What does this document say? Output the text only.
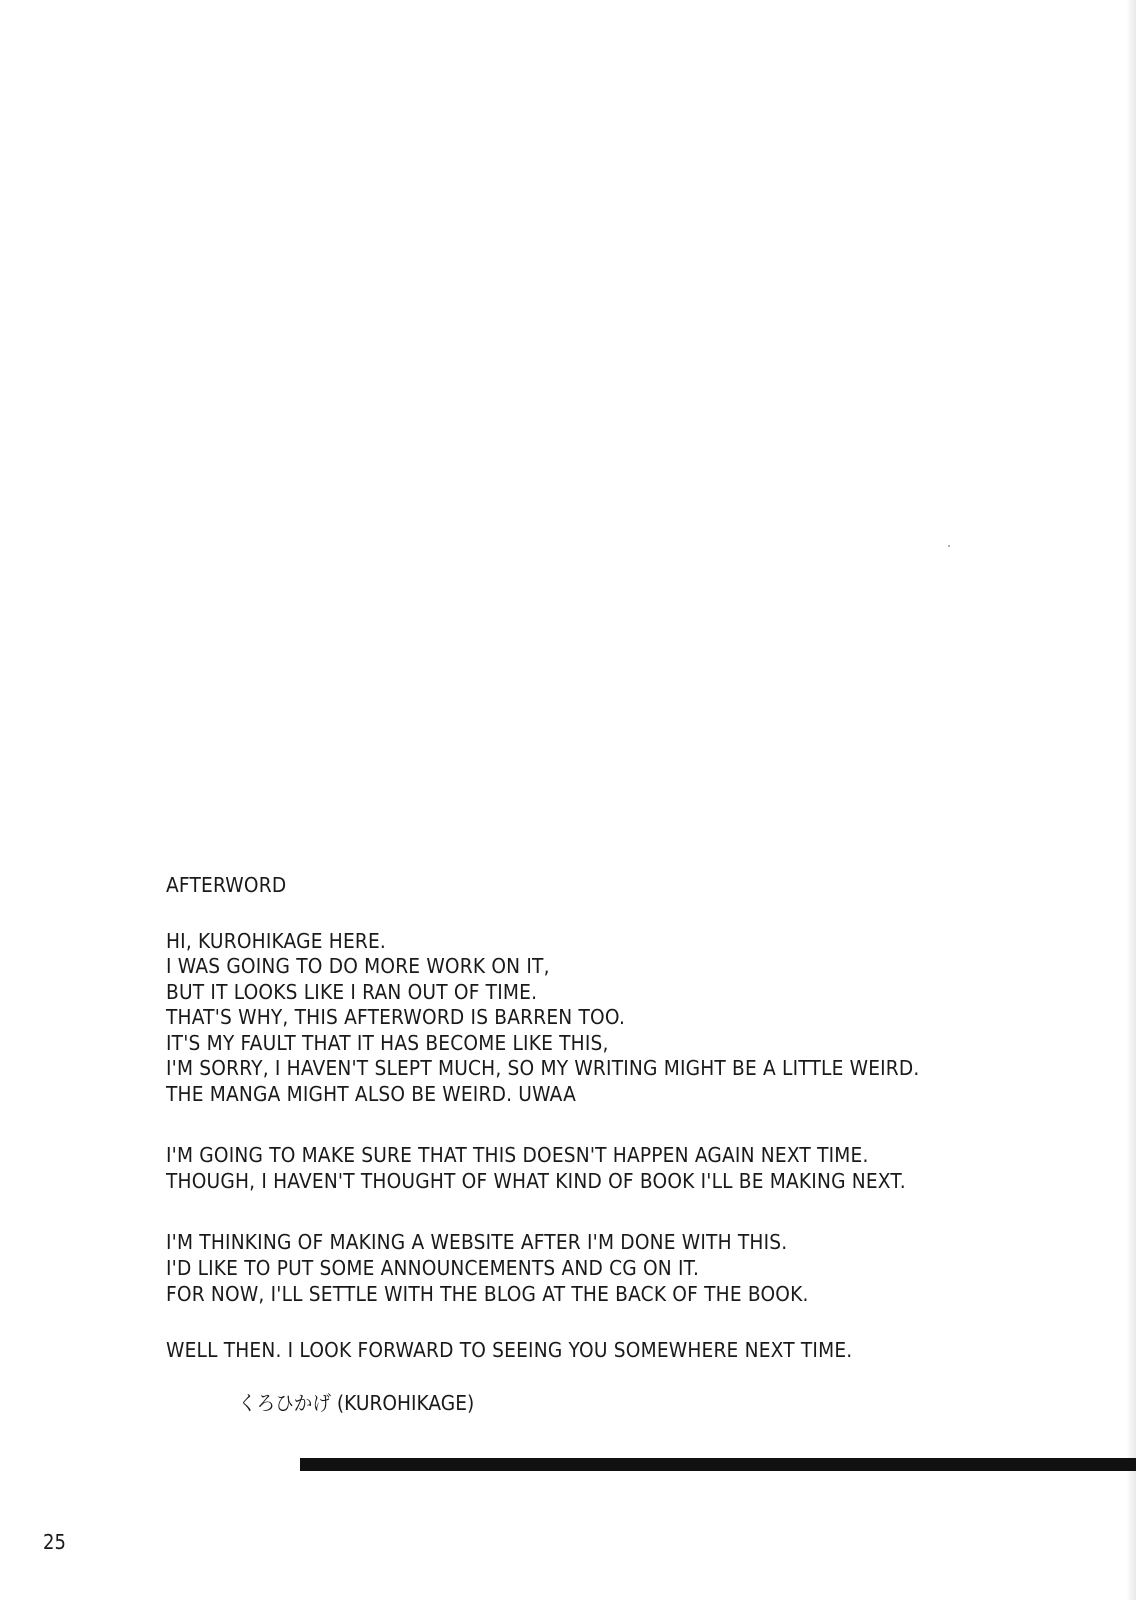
AFTERWORD
HI, KUROHIKAGE HERE.
I WAS GOING TO DO MORE WORK ON IT,
BUT IT LOOKS LIKE I RAN OUT OF TIME.
THAT'S WHY, THIS AFTERWORD IS BARREN TOO.
IT'S MY FAULT THAT IT HAS BECOME LIKE THIS,
I'M SORRY, I HAVEN'T SLEPT MUCH, SO MY WRITING MIGHT BE A LITTLE WEIRD.
THE MANGA MIGHT ALSO BE WEIRD. UWAA
I'M GOING TO MAKE SURE THAT THIS DOESN'T HAPPEN AGAIN NEXT TIME.
THOUGH, I HAVEN'T THOUGHT OF WHAT KIND OF BOOK I'LL BE MAKING NEXT.
I'M THINKING OF MAKING A WEBSITE AFTER I'M DONE WITH THIS.
I'D LIKE TO PUT SOME ANNOUNCEMENTS AND CG ON IT.
FOR NOW, I'LL SETTLE WITH THE BLOG AT THE BACK OF THE BOOK.
WELL THEN. I LOOK FORWARD TO SEEING YOU SOMEWHERE NEXT TIME.
くろひかげ (KUROHIKAGE)
25
